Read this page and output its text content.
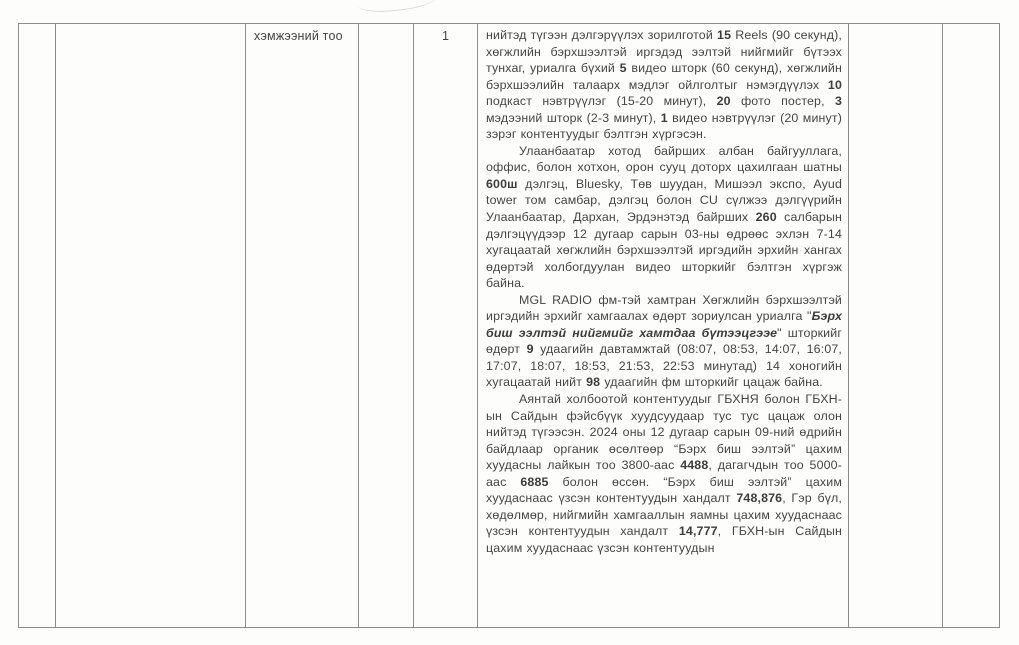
хэмжээний тоо	1	нийтэд түгээн дэлгэрүүлэх зорилготой 15 Reels (90 секунд), хөгжлийн бэрхшээлтэй иргэдэд ээлтэй нийгмийг бүтээх тунхаг, уриалга бүхий 5 видео шторк (60 секунд), хөгжлийн бэрхшээлийн талаарх мэдлэг ойлголтыг нэмэгдүүлэх 10 подкаст нэвтрүүлэг (15-20 минут), 20 фото постер, 3 мэдээний шторк (2-3 минут), 1 видео нэвтрүүлэг (20 минут) зэрэг контентуудыг бэлтгэн хүргэсэн.

Улаанбаатар хотод байрших албан байгууллага, оффис, болон хотхон, орон сууц доторх цахилгаан шатны 600ш дэлгэц, Bluesky, Төв шуудан, Мишээл экспо, Ayud tower том самбар, дэлгэц болон CU сүлжээ дэлгүүрийн Улаанбаатар, Дархан, Эрдэнэтэд байрших 260 салбарын дэлгэцүүдээр 12 дугаар сарын 03-ны өдрөөс эхлэн 7-14 хугацаатай хөгжлийн бэрхшээлтэй иргэдийн эрхийн хангах өдөртэй холбогдуулан видео шторкийг бэлтгэн хүргэж байна.

MGL RADIO фм-тэй хамтран Хөгжлийн бэрхшээлтэй иргэдийн эрхийг хамгаалах өдөрт зориулсан уриалга "Бэрх биш ээлтэй нийгмийг хамтдаа бүтээцгээе" шторкийг өдөрт 9 удаагийн давтамжтай (08:07, 08:53, 14:07, 16:07, 17:07, 18:07, 18:53, 21:53, 22:53 минутад) 14 хоногийн хугацаатай нийт 98 удаагийн фм шторкийг цацаж байна.

Аянтай холбоотой контентуудыг ГБХНЯ болон ГБХН-ын Сайдын фэйсбүүк хуудсуудаар тус тус цацаж олон нийтэд түгээсэн. 2024 оны 12 дугаар сарын 09-ний өдрийн байдлаар органик өсөлтөөр “Бэрх биш ээлтэй” цахим хуудасны лайкын тоо 3800-аас 4488, дагагчдын тоо 5000-аас 6885 болон өссөн. “Бэрх биш ээлтэй” цахим хуудаснаас үзсэн контентуудын хандалт 748,876, Гэр бүл, хөдөлмөр, нийгмийн хамгааллын яамны цахим хуудаснаас үзсэн контентуудын хандалт 14,777, ГБХН-ын Сайдын цахим хуудаснаас үзсэн контентуудын
